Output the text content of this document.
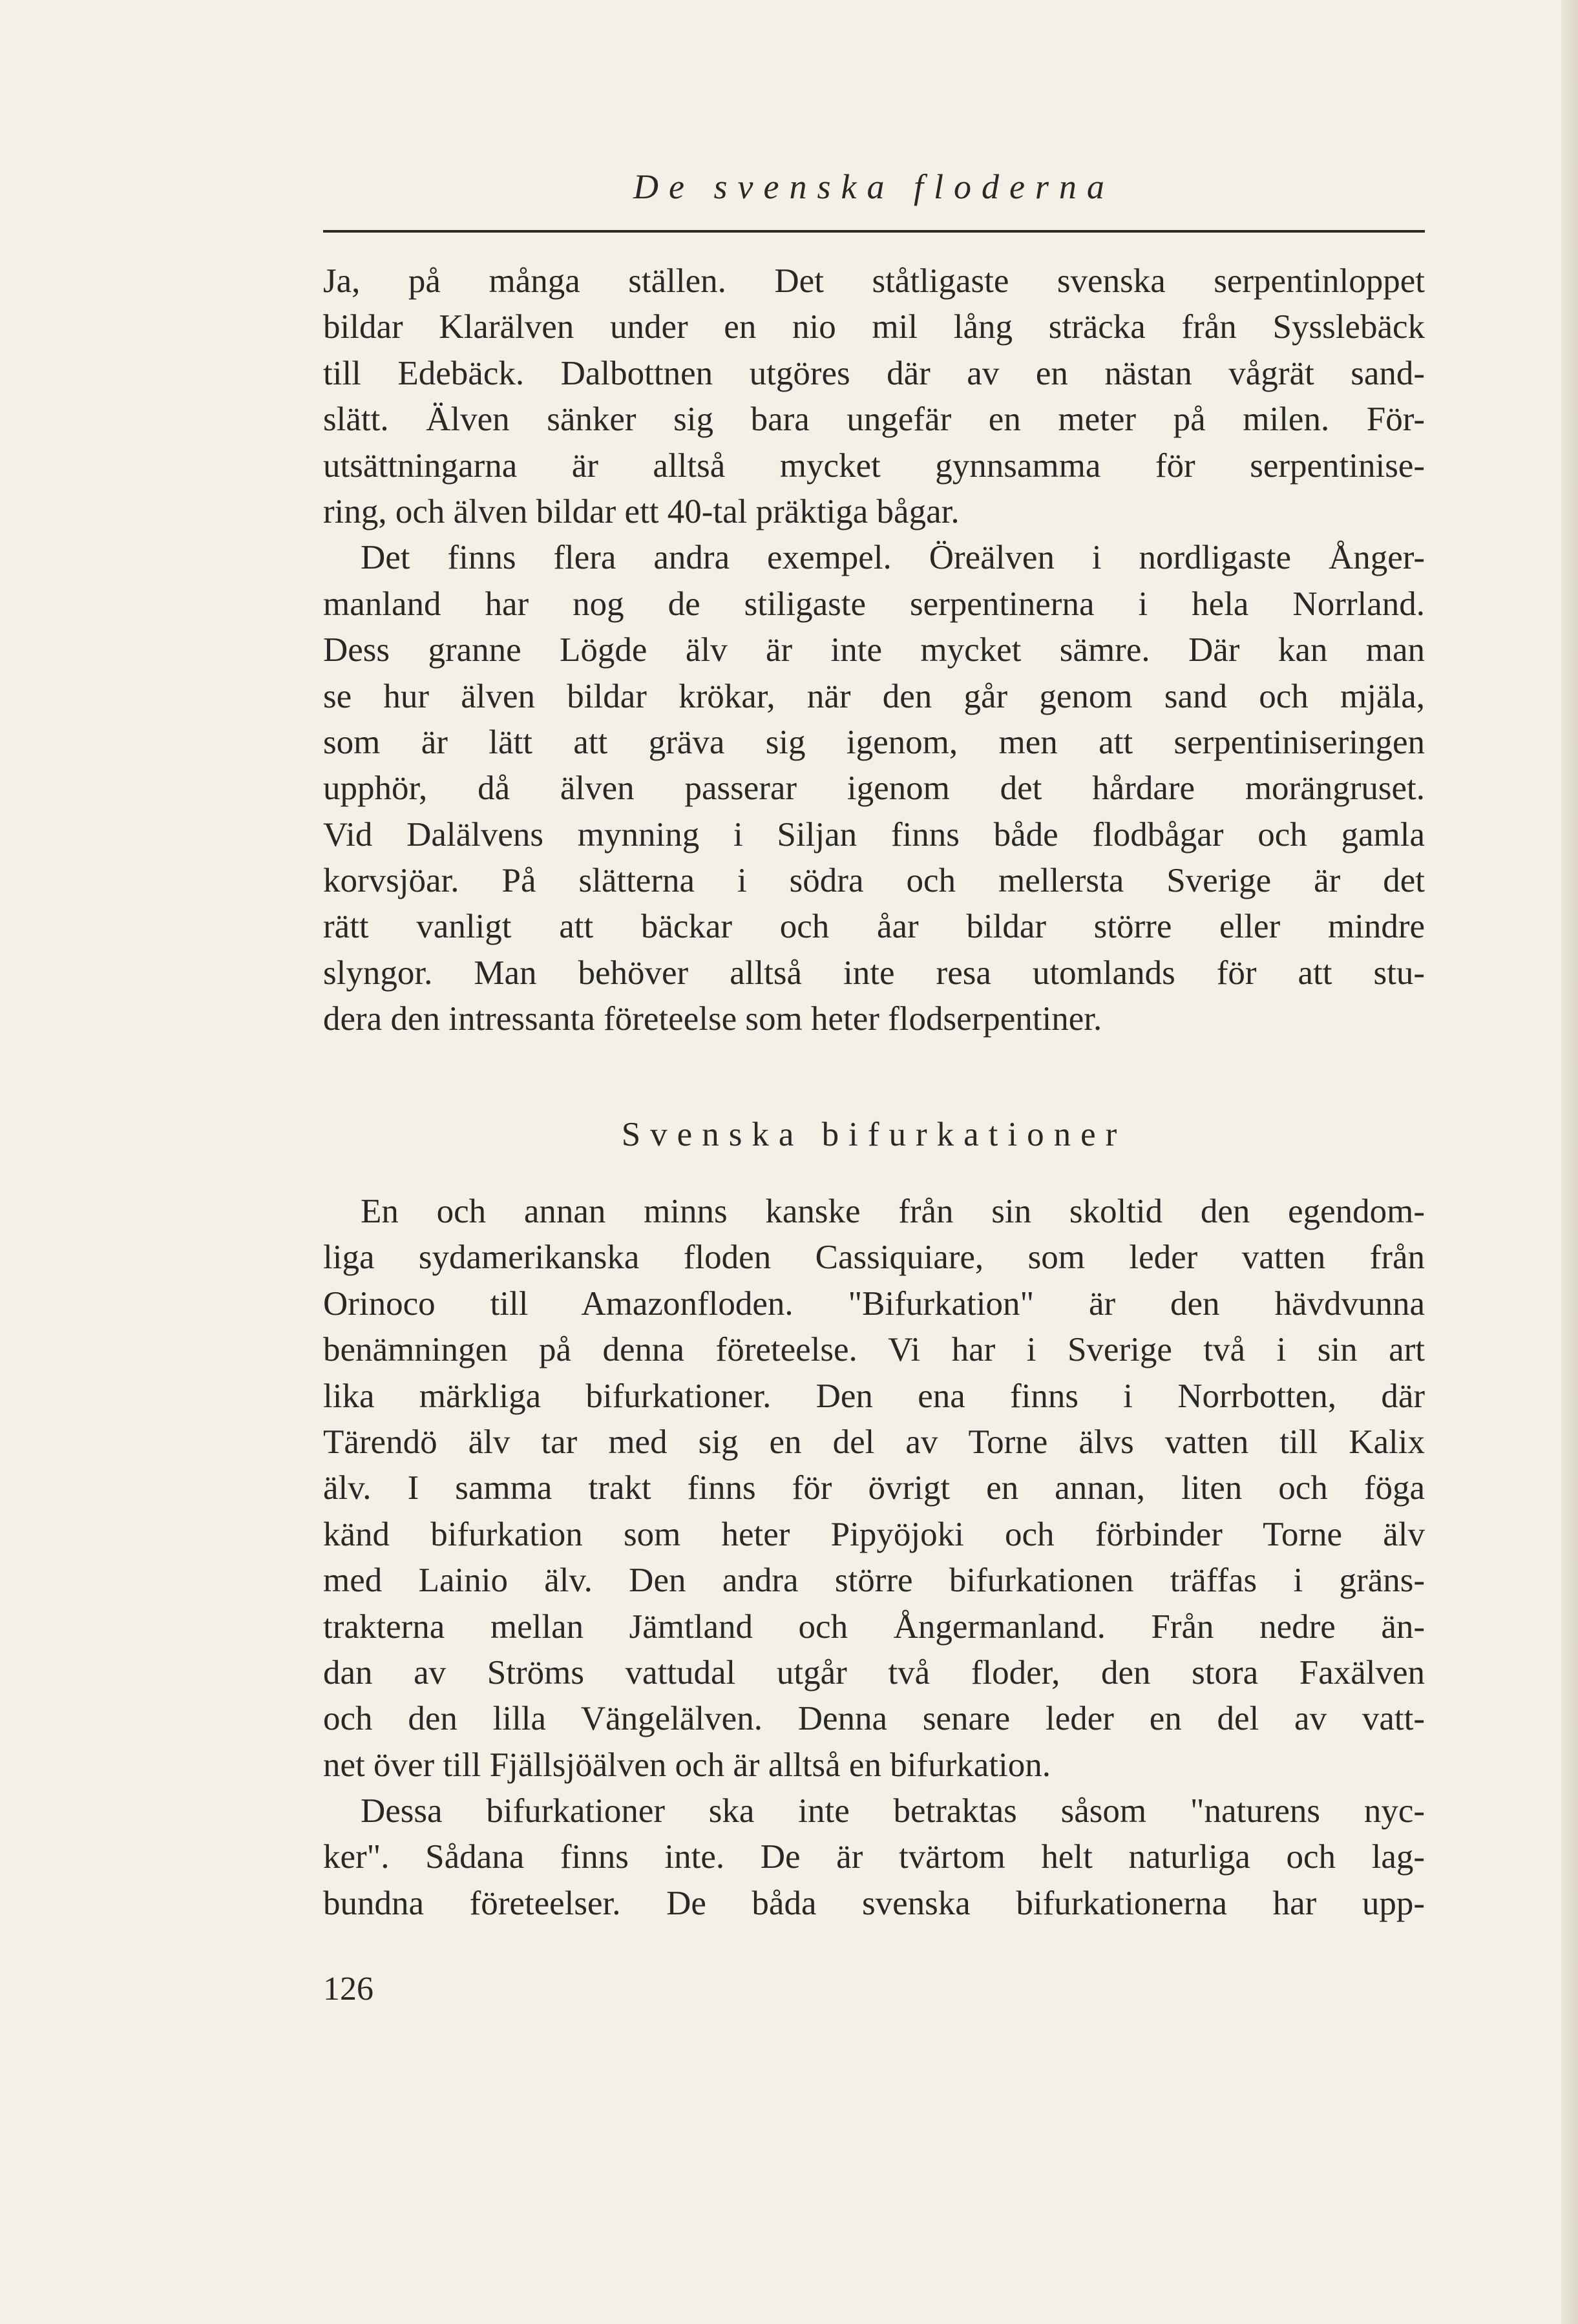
De svenska floderna
Ja, på många ställen. Det ståtligaste svenska serpentinloppet
bildar Klarälven under en nio mil lång sträcka från Sysslebäck
till Edebäck. Dalbottnen utgöres där av en nästan vågrät sand-
slätt. Älven sänker sig bara ungefär en meter på milen. För-
utsättningarna är alltså mycket gynnsamma för serpentinise-
ring, och älven bildar ett 40-tal präktiga bågar.
Det finns flera andra exempel. Öreälven i nordligaste Ånger-
manland har nog de stiligaste serpentinerna i hela Norrland.
Dess granne Lögde älv är inte mycket sämre. Där kan man
se hur älven bildar krökar, när den går genom sand och mjäla,
som är lätt att gräva sig igenom, men att serpentiniseringen
upphör, då älven passerar igenom det hårdare morängruset.
Vid Dalälvens mynning i Siljan finns både flodbågar och gamla
korvsjöar. På slätterna i södra och mellersta Sverige är det
rätt vanligt att bäckar och åar bildar större eller mindre
slyngor. Man behöver alltså inte resa utomlands för att stu-
dera den intressanta företeelse som heter flodserpentiner.
Svenska bifurkationer
En och annan minns kanske från sin skoltid den egendom-
liga sydamerikanska floden Cassiquiare, som leder vatten från
Orinoco till Amazonfloden. "Bifurkation" är den hävdvunna
benämningen på denna företeelse. Vi har i Sverige två i sin art
lika märkliga bifurkationer. Den ena finns i Norrbotten, där
Tärendö älv tar med sig en del av Torne älvs vatten till Kalix
älv. I samma trakt finns för övrigt en annan, liten och föga
känd bifurkation som heter Pipyöjoki och förbinder Torne älv
med Lainio älv. Den andra större bifurkationen träffas i gräns-
trakterna mellan Jämtland och Ångermanland. Från nedre än-
dan av Ströms vattudal utgår två floder, den stora Faxälven
och den lilla Vängelälven. Denna senare leder en del av vatt-
net över till Fjällsjöälven och är alltså en bifurkation.
Dessa bifurkationer ska inte betraktas såsom "naturens nyc-
ker". Sådana finns inte. De är tvärtom helt naturliga och lag-
bundna företeelser. De båda svenska bifurkationerna har upp-
126
